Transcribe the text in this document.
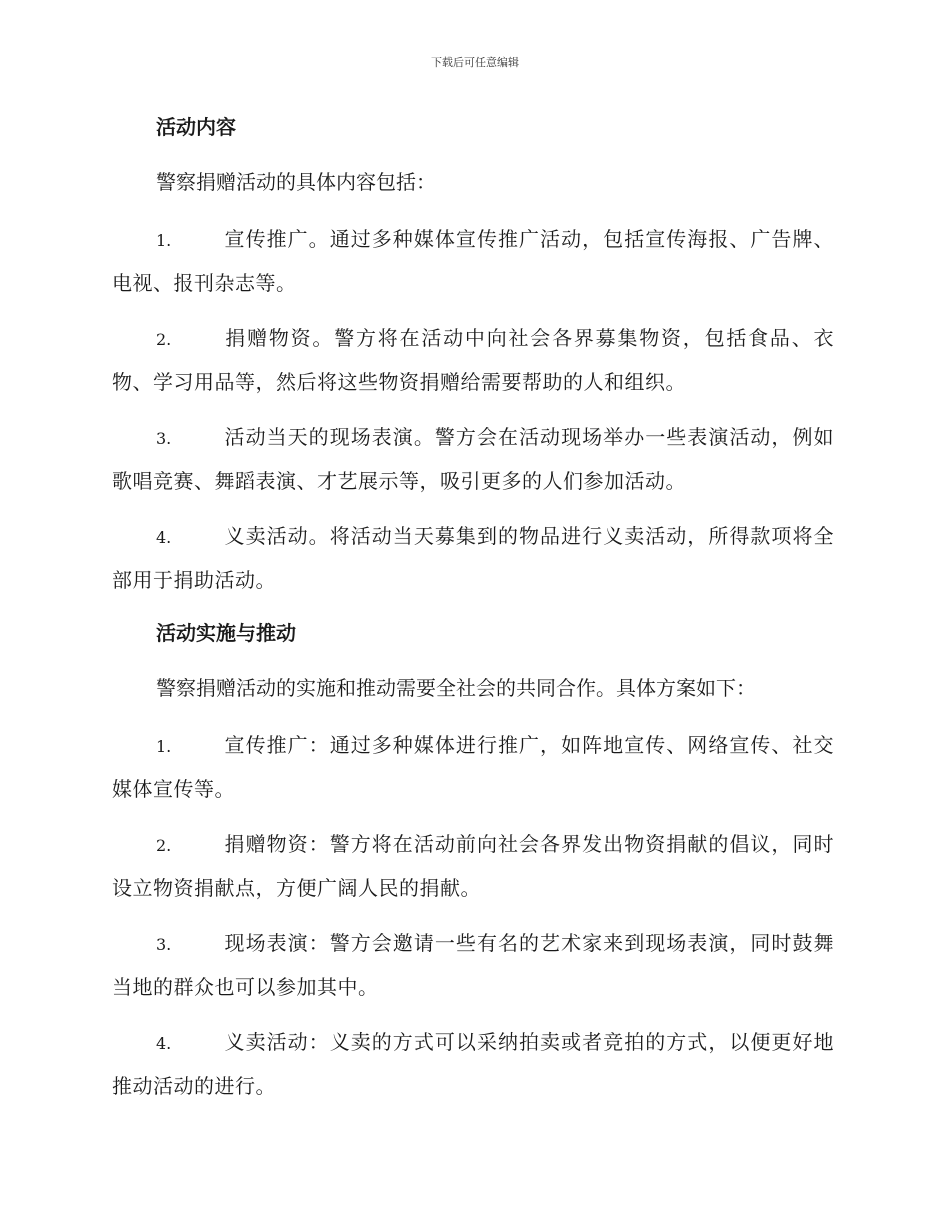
下载后可任意编辑
活动内容
警察捐赠活动的具体内容包括：
1.	宣传推广。通过多种媒体宣传推广活动，包括宣传海报、广告牌、电视、报刊杂志等。
2.	捐赠物资。警方将在活动中向社会各界募集物资，包括食品、衣物、学习用品等，然后将这些物资捐赠给需要帮助的人和组织。
3.	活动当天的现场表演。警方会在活动现场举办一些表演活动，例如歌唱竞赛、舞蹈表演、才艺展示等，吸引更多的人们参加活动。
4.	义卖活动。将活动当天募集到的物品进行义卖活动，所得款项将全部用于捐助活动。
活动实施与推动
警察捐赠活动的实施和推动需要全社会的共同合作。具体方案如下：
1.	宣传推广：通过多种媒体进行推广，如阵地宣传、网络宣传、社交媒体宣传等。
2.	捐赠物资：警方将在活动前向社会各界发出物资捐献的倡议，同时设立物资捐献点，方便广阔人民的捐献。
3.	现场表演：警方会邀请一些有名的艺术家来到现场表演，同时鼓舞当地的群众也可以参加其中。
4.	义卖活动：义卖的方式可以采纳拍卖或者竞拍的方式，以便更好地推动活动的进行。
